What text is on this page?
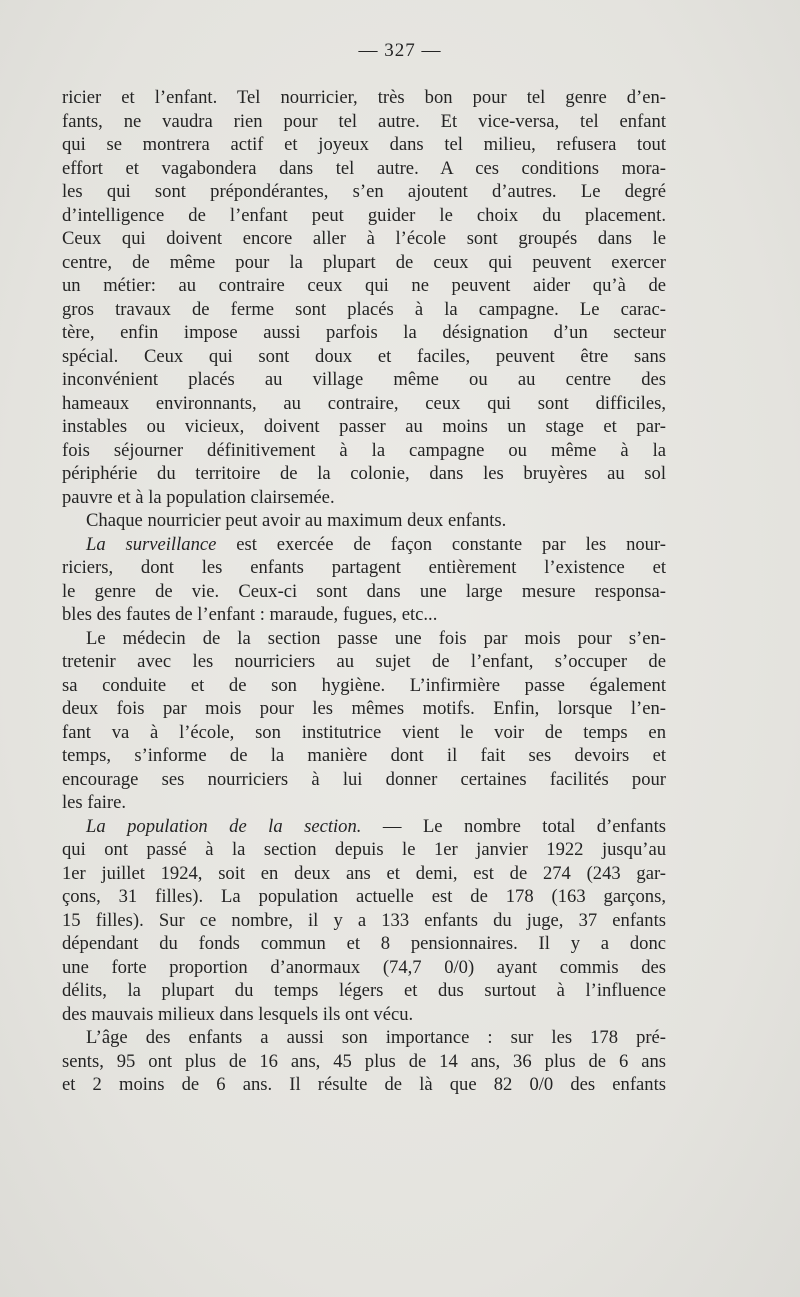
— 327 —
ricier et l’enfant. Tel nourricier, très bon pour tel genre d’en-
fants, ne vaudra rien pour tel autre. Et vice-versa, tel enfant
qui se montrera actif et joyeux dans tel milieu, refusera tout
effort et vagabondera dans tel autre. A ces conditions mora-
les qui sont prépondérantes, s’en ajoutent d’autres. Le degré
d’intelligence de l’enfant peut guider le choix du placement.
Ceux qui doivent encore aller à l’école sont groupés dans le
centre, de même pour la plupart de ceux qui peuvent exercer
un métier: au contraire ceux qui ne peuvent aider qu’à de
gros travaux de ferme sont placés à la campagne. Le carac-
tère, enfin impose aussi parfois la désignation d’un secteur
spécial. Ceux qui sont doux et faciles, peuvent être sans
inconvénient placés au village même ou au centre des
hameaux environnants, au contraire, ceux qui sont difficiles,
instables ou vicieux, doivent passer au moins un stage et par-
fois séjourner définitivement à la campagne ou même à la
périphérie du territoire de la colonie, dans les bruyères au sol
pauvre et à la population clairsemée.
Chaque nourricier peut avoir au maximum deux enfants.
La surveillance est exercée de façon constante par les nour-
riciers, dont les enfants partagent entièrement l’existence et
le genre de vie. Ceux-ci sont dans une large mesure responsa-
bles des fautes de l’enfant : maraude, fugues, etc...
Le médecin de la section passe une fois par mois pour s’en-
tretenir avec les nourriciers au sujet de l’enfant, s’occuper de
sa conduite et de son hygiène. L’infirmière passe également
deux fois par mois pour les mêmes motifs. Enfin, lorsque l’en-
fant va à l’école, son institutrice vient le voir de temps en
temps, s’informe de la manière dont il fait ses devoirs et
encourage ses nourriciers à lui donner certaines facilités pour
les faire.
La population de la section. — Le nombre total d’enfants
qui ont passé à la section depuis le 1er janvier 1922 jusqu’au
1er juillet 1924, soit en deux ans et demi, est de 274 (243 gar-
çons, 31 filles). La population actuelle est de 178 (163 garçons,
15 filles). Sur ce nombre, il y a 133 enfants du juge, 37 enfants
dépendant du fonds commun et 8 pensionnaires. Il y a donc
une forte proportion d’anormaux (74,7 0/0) ayant commis des
délits, la plupart du temps légers et dus surtout à l’influence
des mauvais milieux dans lesquels ils ont vécu.
L’âge des enfants a aussi son importance : sur les 178 pré-
sents, 95 ont plus de 16 ans, 45 plus de 14 ans, 36 plus de 6 ans
et 2 moins de 6 ans. Il résulte de là que 82 0/0 des enfants
